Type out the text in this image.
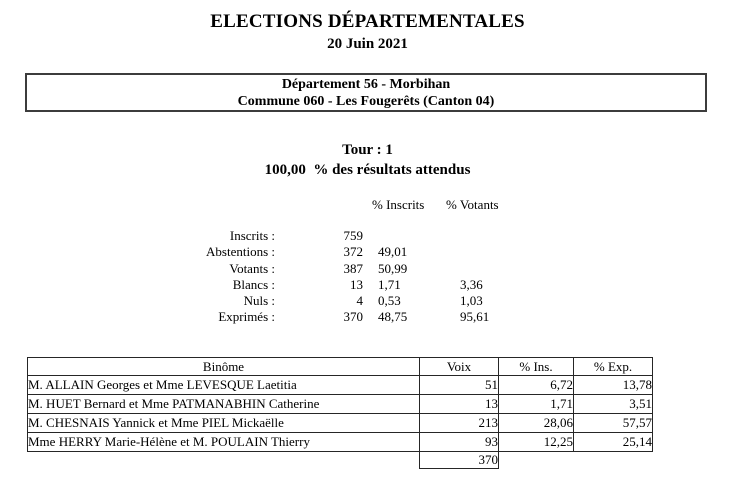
ELECTIONS DÉPARTEMENTALES
20 Juin 2021
Département 56 - Morbihan
Commune 060 - Les Fougerêts (Canton 04)
Tour : 1
100,00  % des résultats attendus
% Inscrits % Votants
Inscrits :	759
Abstentions :	372	49,01
Votants :	387	50,99
Blancs :	13	1,71	3,36
Nuls :	4	0,53	1,03
Exprimés :	370	48,75	95,61
Binôme	Voix	% Ins.	% Exp.
M. ALLAIN Georges et Mme LEVESQUE Laetitia	51	6,72	13,78
M. HUET Bernard et Mme PATMANABHIN Catherine	13	1,71	3,51
M. CHESNAIS Yannick et Mme PIEL Mickaëlle	213	28,06	57,57
Mme HERRY Marie-Hélène et M. POULAIN Thierry	93	12,25	25,14
	370		
